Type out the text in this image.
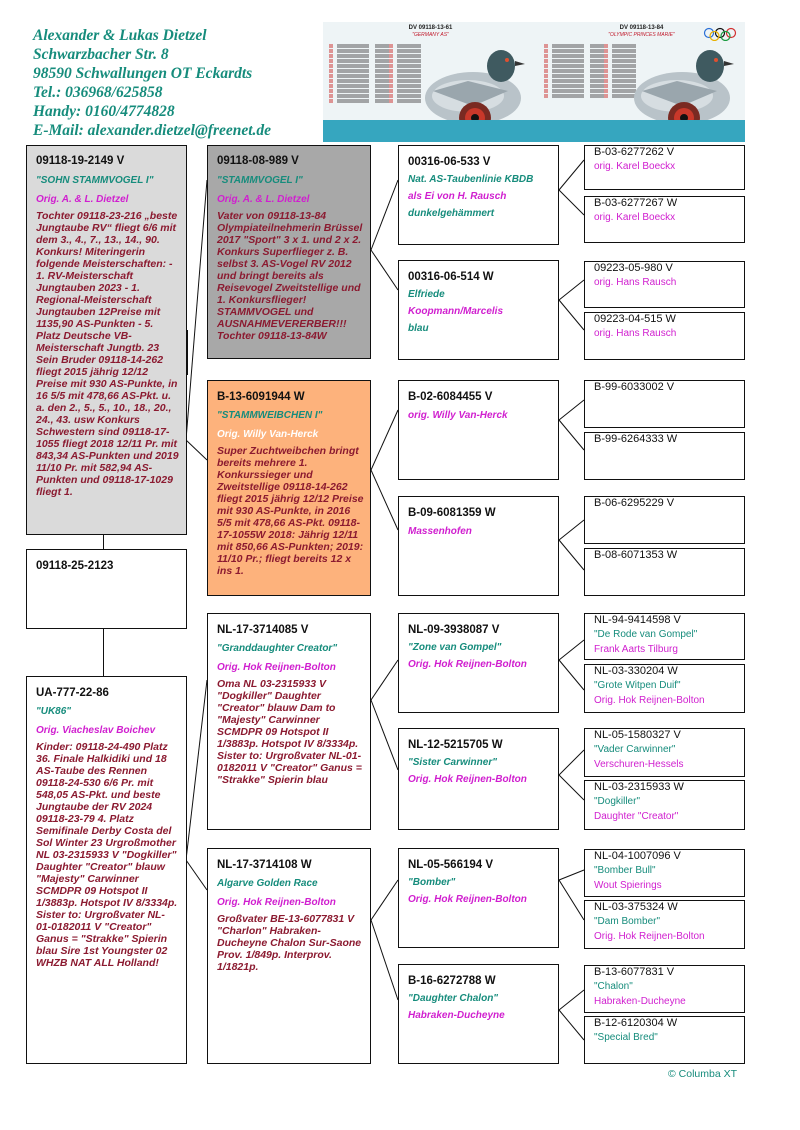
Alexander & Lukas Dietzel
Schwarzbacher Str. 8
98590 Schwallungen OT Eckardts
Tel.: 036968/625858
Handy: 0160/4774828
E-Mail: alexander.dietzel@freenet.de
DV 09118-13-61
"GERMANY AS"
DV 09118-13-84
"OLYMPIC PRINCES MARIE"
09118-19-2149 V
"SOHN STAMMVOGEL I"
Orig. A. & L. Dietzel
Tochter 09118-23-216 „beste Jungtaube RV“ fliegt 6/6 mit dem 3., 4., 7., 13., 14., 90. Konkurs! Miteringerin folgende Meisterschaften: - 1. RV-Meisterschaft Jungtauben 2023 - 1. Regional-Meisterschaft Jungtauben 12Preise mit 1135,90 AS-Punkten - 5. Platz Deutsche VB-Meisterschaft Jungtb. 23 Sein Bruder 09118-14-262 fliegt 2015 jährig 12/12 Preise mit 930 AS-Punkte, in 16 5/5 mit 478,66 AS-Pkt. u. a. den 2., 5., 5., 10., 18., 20., 24., 43. usw Konkurs Schwestern sind 09118-17-1055 fliegt 2018 12/11 Pr. mit 843,34 AS-Punkten und 2019 11/10 Pr. mit 582,94 AS-Punkten und 09118-17-1029 fliegt 1.
09118-25-2123
UA-777-22-86
"UK86"
Orig. Viacheslav Boichev
Kinder: 09118-24-490 Platz 36. Finale Halkidiki und 18 AS-Taube des Rennen 09118-24-530 6/6 Pr. mit 548,05 AS-Pkt. und beste Jungtaube der RV 2024 09118-23-79 4. Platz Semifinale Derby Costa del Sol Winter 23 Urgroßmother NL 03-2315933 V "Dogkiller" Daughter "Creator" blauw "Majesty" Carwinner SCMDPR 09 Hotspot II 1/3883p. Hotspot IV 8/3334p. Sister to: Urgroßvater NL-01-0182011 V "Creator" Ganus = "Strakke" Spierin blau Sire 1st Youngster 02 WHZB NAT ALL Holland!
09118-08-989 V
"STAMMVOGEL I"
Orig. A. & L. Dietzel
Vater von 09118-13-84 Olympiateilnehmerin Brüssel 2017 "Sport" 3 x 1. und 2 x 2. Konkurs Superflieger z. B. selbst 3. AS-Vogel RV 2012 und bringt bereits als Reisevogel Zweitstellige und 1. Konkursflieger! STAMMVOGEL und AUSNAHMEVERERBER!!! Tochter 09118-13-84W
B-13-6091944 W
"STAMMWEIBCHEN I"
Orig. Willy Van-Herck
Super Zuchtweibchen bringt bereits mehrere 1. Konkurssieger und Zweitstellige 09118-14-262 fliegt 2015 jährig 12/12 Preise mit 930 AS-Punkte, in 2016 5/5 mit 478,66 AS-Pkt. 09118-17-1055W 2018: Jährig 12/11 mit 850,66 AS-Punkten; 2019: 11/10 Pr.; fliegt bereits 12 x ins 1.
NL-17-3714085 V
"Granddaughter Creator"
Orig. Hok Reijnen-Bolton
Oma NL 03-2315933 V "Dogkiller" Daughter "Creator" blauw Dam to "Majesty" Carwinner SCMDPR 09 Hotspot II 1/3883p. Hotspot IV 8/3334p. Sister to: Urgroßvater NL-01-0182011 V "Creator" Ganus = "Strakke" Spierin blau
NL-17-3714108 W
Algarve Golden Race
Orig. Hok Reijnen-Bolton
Großvater BE-13-6077831 V "Charlon" Habraken-Ducheyne Chalon Sur-Saone Prov. 1/849p. Interprov. 1/1821p.
00316-06-533 V
Nat. AS-Taubenlinie KBDB
als Ei von H. Rausch
dunkelgehämmert
00316-06-514 W
Elfriede
Koopmann/Marcelis
blau
B-02-6084455 V
orig. Willy Van-Herck
B-09-6081359 W
Massenhofen
NL-09-3938087 V
"Zone van Gompel"
Orig. Hok Reijnen-Bolton
NL-12-5215705 W
"Sister Carwinner"
Orig. Hok Reijnen-Bolton
NL-05-566194 V
"Bomber"
Orig. Hok Reijnen-Bolton
B-16-6272788 W
"Daughter Chalon"
Habraken-Ducheyne
B-03-6277262 V
orig. Karel Boeckx
B-03-6277267 W
orig. Karel Boeckx
09223-05-980 V
orig. Hans Rausch
09223-04-515 W
orig. Hans Rausch
B-99-6033002 V
B-99-6264333 W
B-06-6295229 V
B-08-6071353 W
NL-94-9414598 V
"De Rode van Gompel"
Frank Aarts Tilburg
NL-03-330204 W
"Grote Witpen Duif"
Orig. Hok Reijnen-Bolton
NL-05-1580327 V
"Vader Carwinner"
Verschuren-Hessels
NL-03-2315933 W
"Dogkiller"
Daughter "Creator"
NL-04-1007096 V
"Bomber Bull"
Wout Spierings
NL-03-375324 W
"Dam Bomber"
Orig. Hok Reijnen-Bolton
B-13-6077831 V
"Chalon"
Habraken-Ducheyne
B-12-6120304 W
"Special Bred"
© Columba XT
